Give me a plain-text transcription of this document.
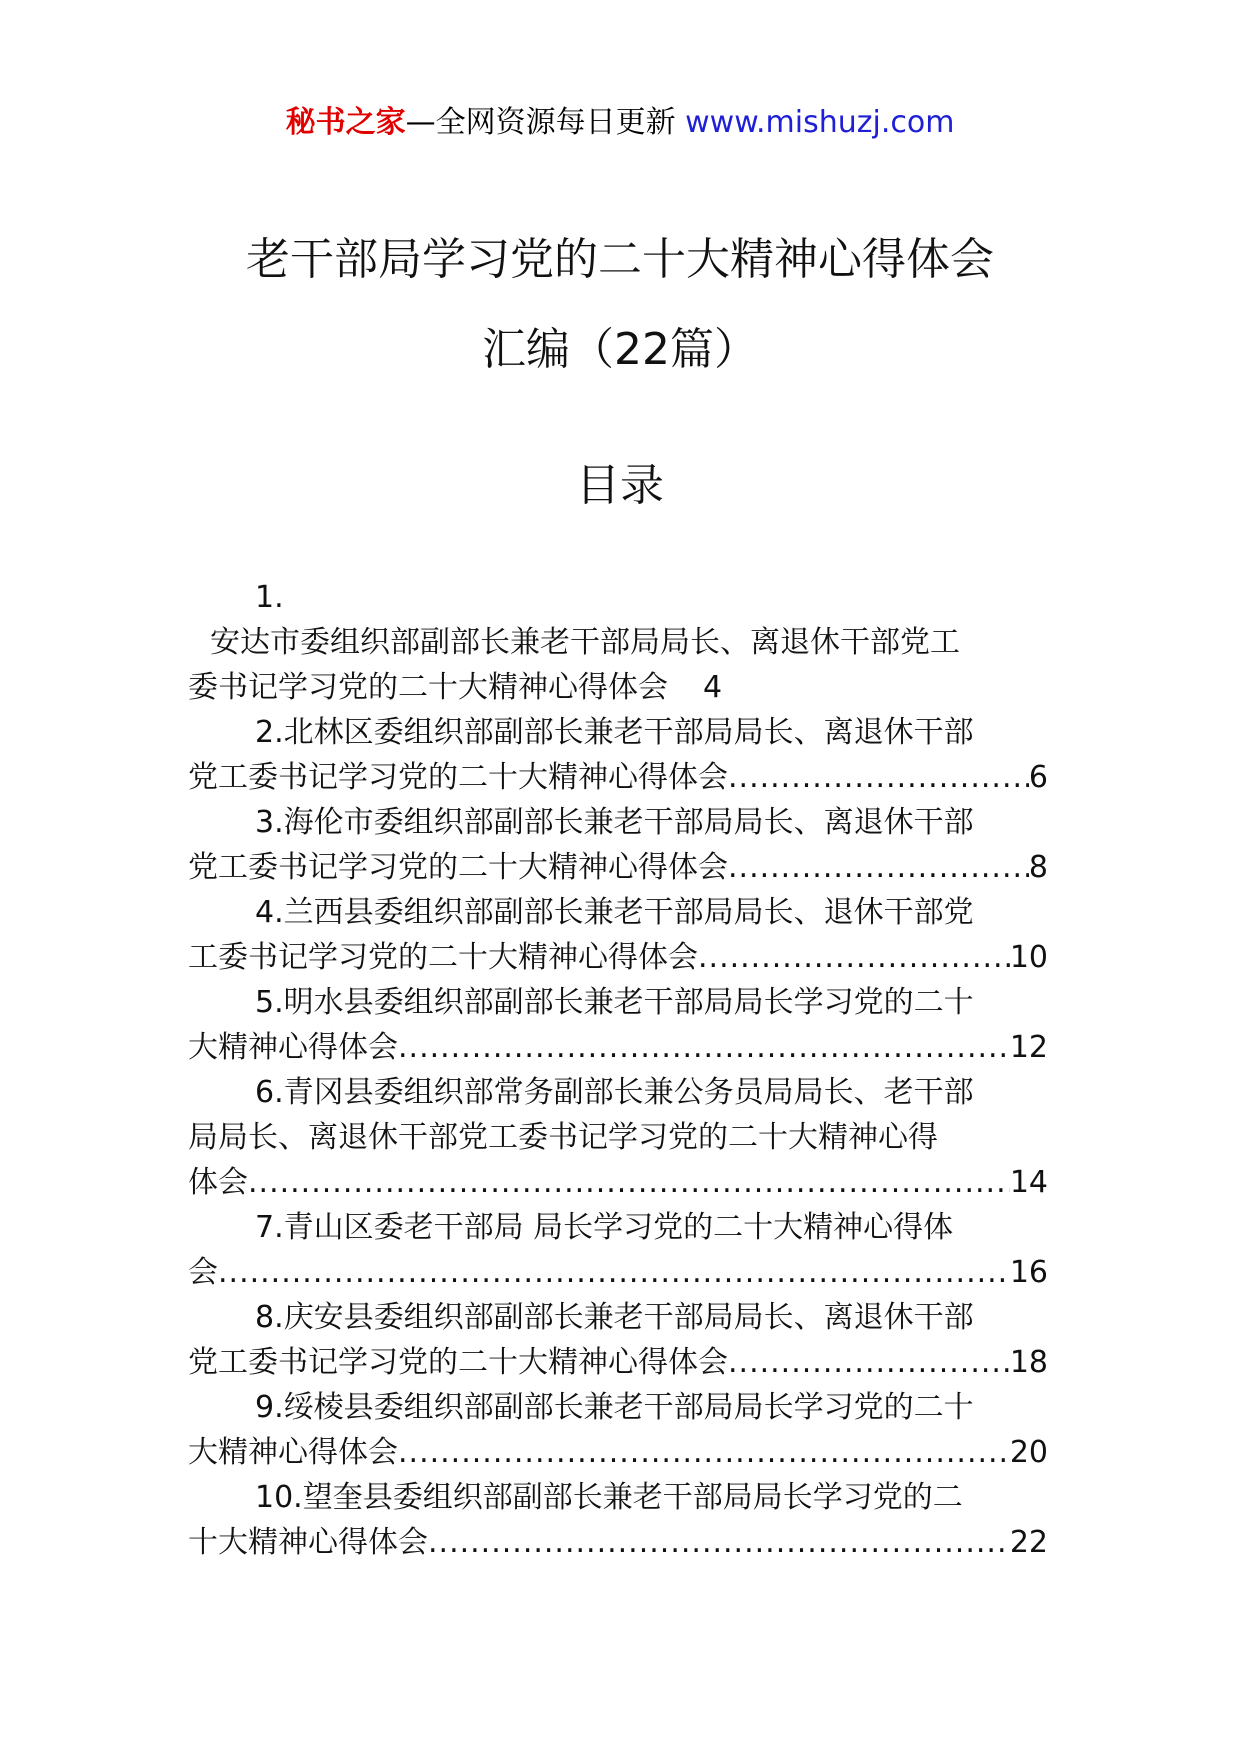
秘书之家—全网资源每日更新 www.mishuzj.com
老干部局学习党的二十大精神心得体会
汇编（22篇）
目录
1.
安达市委组织部副部长兼老干部局局长、离退休干部党工
委书记学习党的二十大精神心得体会 4
2.北林区委组织部副部长兼老干部局局长、离退休干部
党工委书记学习党的二十大精神心得体会 .....	6
3.海伦市委组织部副部长兼老干部局局长、离退休干部
党工委书记学习党的二十大精神心得体会 .....	8
4.兰西县委组织部副部长兼老干部局局长、退休干部党
工委书记学习党的二十大精神心得体会 .....	10
5.明水县委组织部副部长兼老干部局局长学习党的二十
大精神心得体会 .....	12
6.青冈县委组织部常务副部长兼公务员局局长、老干部
局局长、离退休干部党工委书记学习党的二十大精神心得
体会 .....	14
7.青山区委老干部局 局长学习党的二十大精神心得体
会 .....	16
8.庆安县委组织部副部长兼老干部局局长、离退休干部
党工委书记学习党的二十大精神心得体会 .....	18
9.绥棱县委组织部副部长兼老干部局局长学习党的二十
大精神心得体会 .....	20
10.望奎县委组织部副部长兼老干部局局长学习党的二
十大精神心得体会 .....	22
